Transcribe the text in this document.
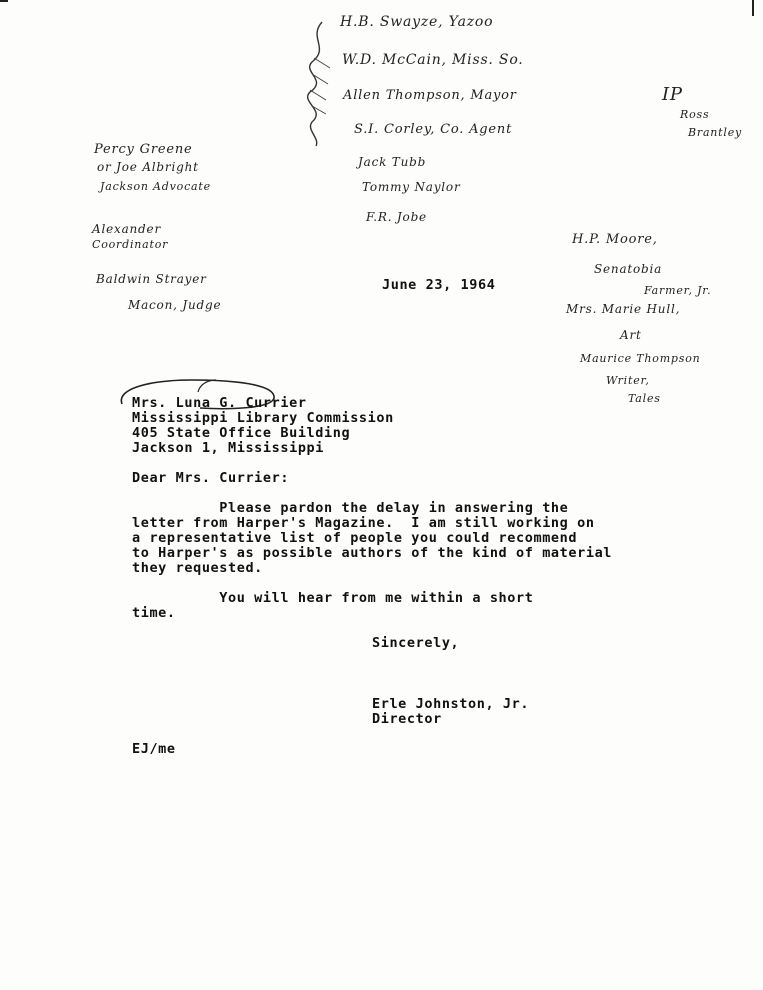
H.B. Swayze, Yazoo
W.D. McCain, Miss. So.
Allen Thompson, Mayor
S.I. Corley, Co. Agent
Jack Tubb
Tommy Naylor
F.R. Jobe
IP
Ross
Brantley
Percy Greene
or Joe Albright
Jackson Advocate
Alexander
Coordinator
Baldwin Strayer
Macon, Judge
H.P. Moore,
Senatobia
Farmer, Jr.
Mrs. Marie Hull,
Art
Maurice Thompson
Writer,
Tales
June 23, 1964
Mrs. Luna G. Currier
Mississippi Library Commission
405 State Office Building
Jackson 1, Mississippi
Dear Mrs. Currier:
Please pardon the delay in answering the
letter from Harper's Magazine.  I am still working on
a representative list of people you could recommend
to Harper's as possible authors of the kind of material
they requested.
You will hear from me within a short
time.
Sincerely,
Erle Johnston, Jr.
Director
EJ/me
